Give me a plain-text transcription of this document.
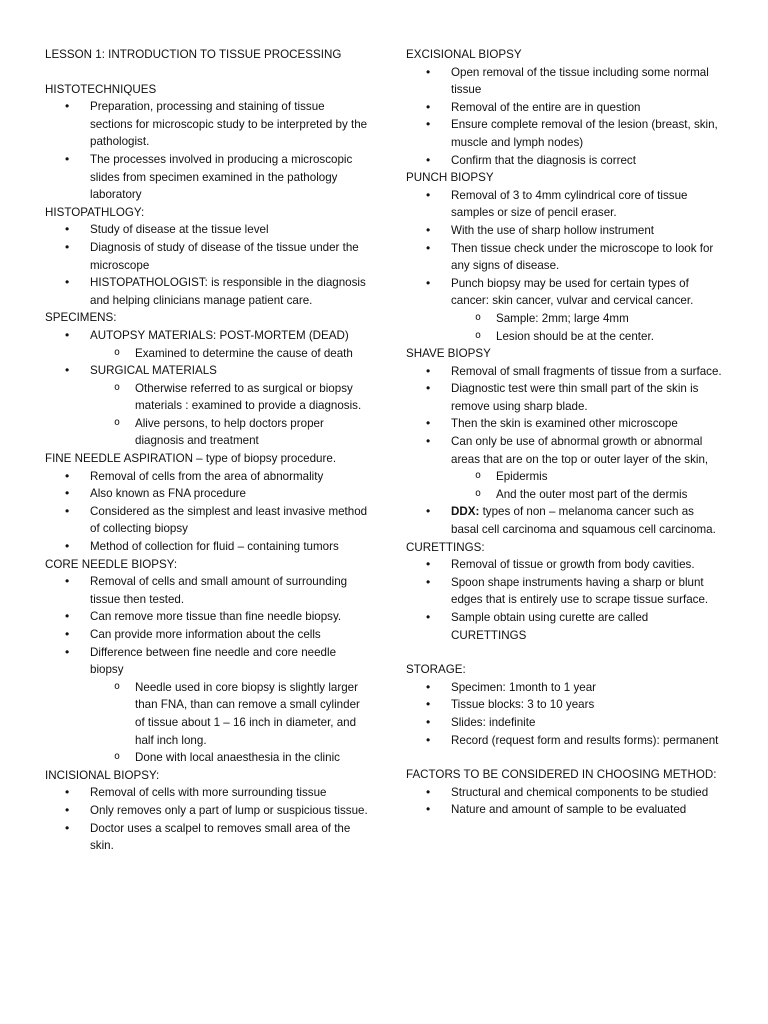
LESSON 1: INTRODUCTION TO TISSUE PROCESSING
HISTOTECHNIQUES
• Preparation, processing and staining of tissue sections for microscopic study to be interpreted by the pathologist.
• The processes involved in producing a microscopic slides from specimen examined in the pathology laboratory
HISTOPATHLOGY:
• Study of disease at the tissue level
• Diagnosis of study of disease of the tissue under the microscope
• HISTOPATHOLOGIST: is responsible in the diagnosis and helping clinicians manage patient care.
SPECIMENS:
• AUTOPSY MATERIALS: POST-MORTEM (DEAD)
o Examined to determine the cause of death
• SURGICAL MATERIALS
o Otherwise referred to as surgical or biopsy materials : examined to provide a diagnosis.
o Alive persons, to help doctors proper diagnosis and treatment
FINE NEEDLE ASPIRATION – type of biopsy procedure.
• Removal of cells from the area of abnormality
• Also known as FNA procedure
• Considered as the simplest and least invasive method of collecting biopsy
• Method of collection for fluid – containing tumors
CORE NEEDLE BIOPSY:
• Removal of cells and small amount of surrounding tissue then tested.
• Can remove more tissue than fine needle biopsy.
• Can provide more information about the cells
• Difference between fine needle and core needle biopsy
o Needle used in core biopsy is slightly larger than FNA, than can remove a small cylinder of tissue about 1 – 16 inch in diameter, and half inch long.
o Done with local anaesthesia in the clinic
INCISIONAL BIOPSY:
• Removal of cells with more surrounding tissue
• Only removes only a part of lump or suspicious tissue.
• Doctor uses a scalpel to removes small area of the skin.
EXCISIONAL BIOPSY
• Open removal of the tissue including some normal tissue
• Removal of the entire are in question
• Ensure complete removal of the lesion (breast, skin, muscle and lymph nodes)
• Confirm that the diagnosis is correct
PUNCH BIOPSY
• Removal of 3 to 4mm cylindrical core of tissue samples or size of pencil eraser.
• With the use of sharp hollow instrument
• Then tissue check under the microscope to look for any signs of disease.
• Punch biopsy may be used for certain types of cancer: skin cancer, vulvar and cervical cancer.
o Sample: 2mm; large 4mm
o Lesion should be at the center.
SHAVE BIOPSY
• Removal of small fragments of tissue from a surface.
• Diagnostic test were thin small part of the skin is remove using sharp blade.
• Then the skin is examined other microscope
• Can only be use of abnormal growth or abnormal areas that are on the top or outer layer of the skin,
o Epidermis
o And the outer most part of the dermis
• DDX: types of non – melanoma cancer such as basal cell carcinoma and squamous cell carcinoma.
CURETTINGS:
• Removal of tissue or growth from body cavities.
• Spoon shape instruments having a sharp or blunt edges that is entirely use to scrape tissue surface.
• Sample obtain using curette are called CURETTINGS
STORAGE:
• Specimen: 1month to 1 year
• Tissue blocks: 3 to 10 years
• Slides: indefinite
• Record (request form and results forms): permanent
FACTORS TO BE CONSIDERED IN CHOOSING METHOD:
• Structural and chemical components to be studied
• Nature and amount of sample to be evaluated
